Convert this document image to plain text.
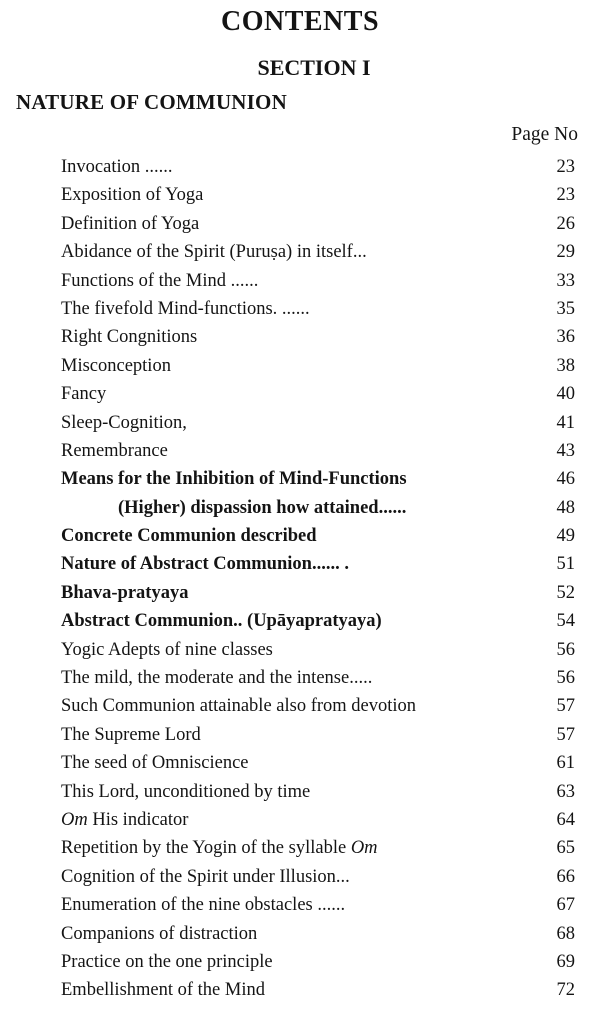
CONTENTS
SECTION I
NATURE OF COMMUNION
Page No
Invocation ......	23
Exposition of Yoga	23
Definition of Yoga	26
Abidance of the Spirit (Puruṣa) in itself...	29
Functions of the Mind ......	33
The fivefold Mind-functions. ......	35
Right Congnitions	36
Misconception	38
Fancy	40
Sleep-Cognition,	41
Remembrance	43
Means for the Inhibition of Mind-Functions	46
(Higher) dispassion how attained......	48
Concrete Communion described	49
Nature of Abstract Communion...... .	51
Bhava-pratyaya	52
Abstract Communion.. (Upāyapratyaya)	54
Yogic Adepts of nine classes	56
The mild, the moderate and the intense.....	56
Such Communion attainable also from devotion	57
The Supreme Lord	57
The seed of Omniscience	61
This Lord, unconditioned by time	63
Om His indicator	64
Repetition by the Yogin of the syllable Om	65
Cognition of the Spirit under Illusion...	66
Enumeration of the nine obstacles ......	67
Companions of distraction	68
Practice on the one principle	69
Embellishment of the Mind	72
